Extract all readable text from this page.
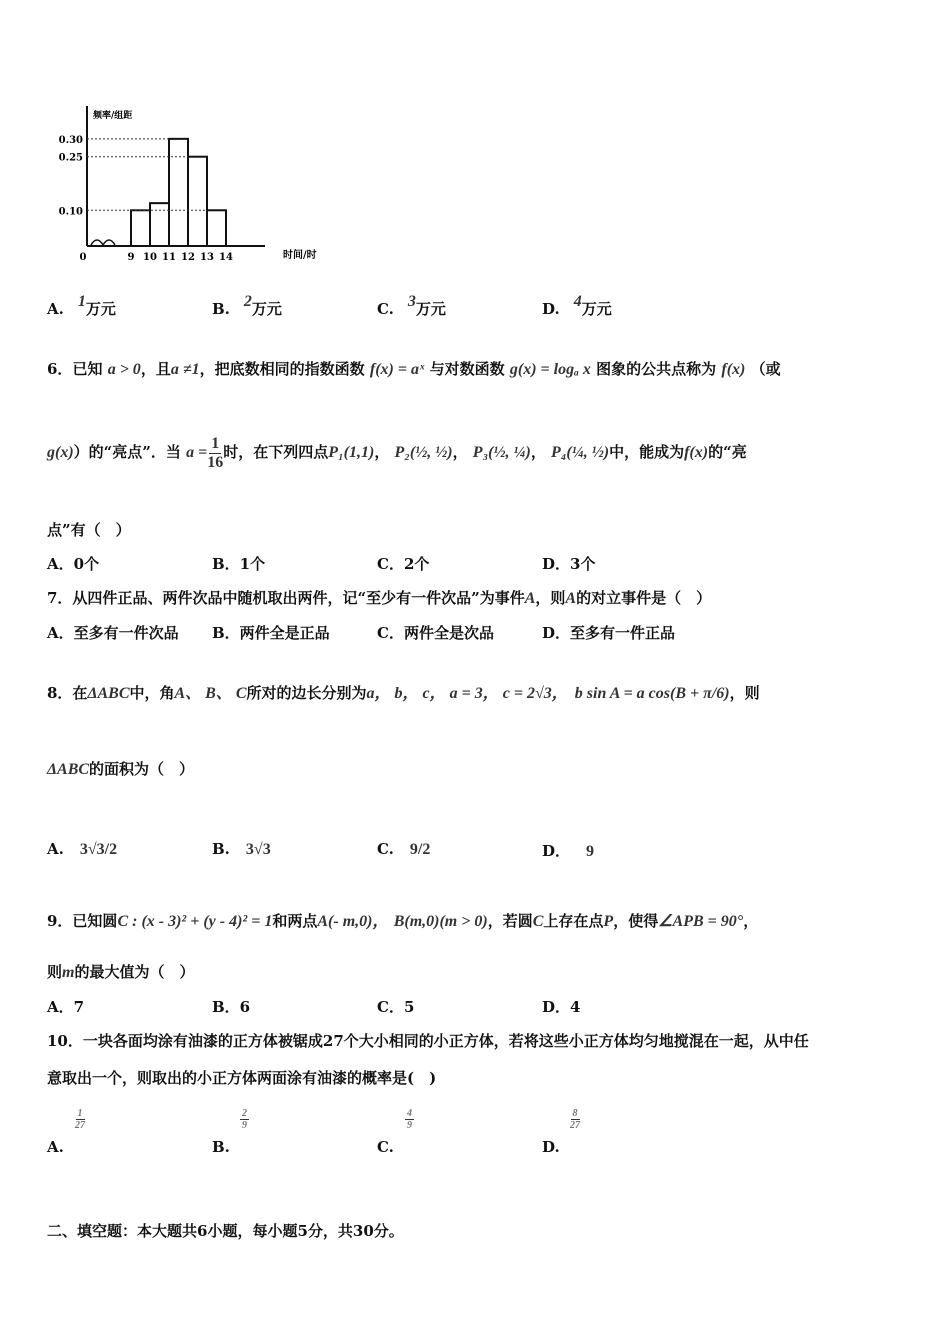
0.10
0.25
0.30
0	9 10 11 12 13 14	时间/时
频率/组距
6．已知 a > 0，且a ≠1，把底数相同的指数函数 f(x) = aˣ 与对数函数 g(x) = logₐ x 图象的公共点称为 f(x) （或
g(x)）的“亮点”．当 $a = \frac{1}{16}$ 时，在下列四点P₁(1,1)， P₂(½, ½)， P₃(½, ¼)， P₄(¼, ½)中，能成为f(x)的“亮
点”有（　）
7．从四件正品、两件次品中随机取出两件，记“至少有一件次品”为事件A，则A的对立事件是（　）
8．在ΔABC中，角A、 B、 C所对的边长分别为a， b， c， a = 3， c = 2√3，　 b sin A = a cos(B + π/6)，则
ΔABC的面积为（　）
9．已知圆C : (x - 3)² + (y - 4)² = 1和两点A(- m,0)， B(m,0)(m > 0)，若圆C上存在点P，使得∠APB = 90°，
则m的最大值为（　）
10．一块各面均涂有油漆的正方体被锯成27个大小相同的小正方体，若将这些小正方体均匀地搅混在一起，从中任
意取出一个，则取出的小正方体两面涂有油漆的概率是(　)
二、填空题：本大题共6小题，每小题5分，共30分。
A. 1万元	B. 2万元	C. 3万元	D. 4万元
A．0个	B．1个	C．2个	D．3个
A．至多有一件次品 B．两件全是正品	C．两件全是次品	D．至多有一件正品
A．7	B．6	C．5	D．4
A. 3√3/2	B. 3√3	C. 9/2	D． 9
$\frac{1}{27}$
A.
$\frac{2}{9}$
B.
$\frac{4}{9}$
C.
$\frac{8}{27}$
D.
